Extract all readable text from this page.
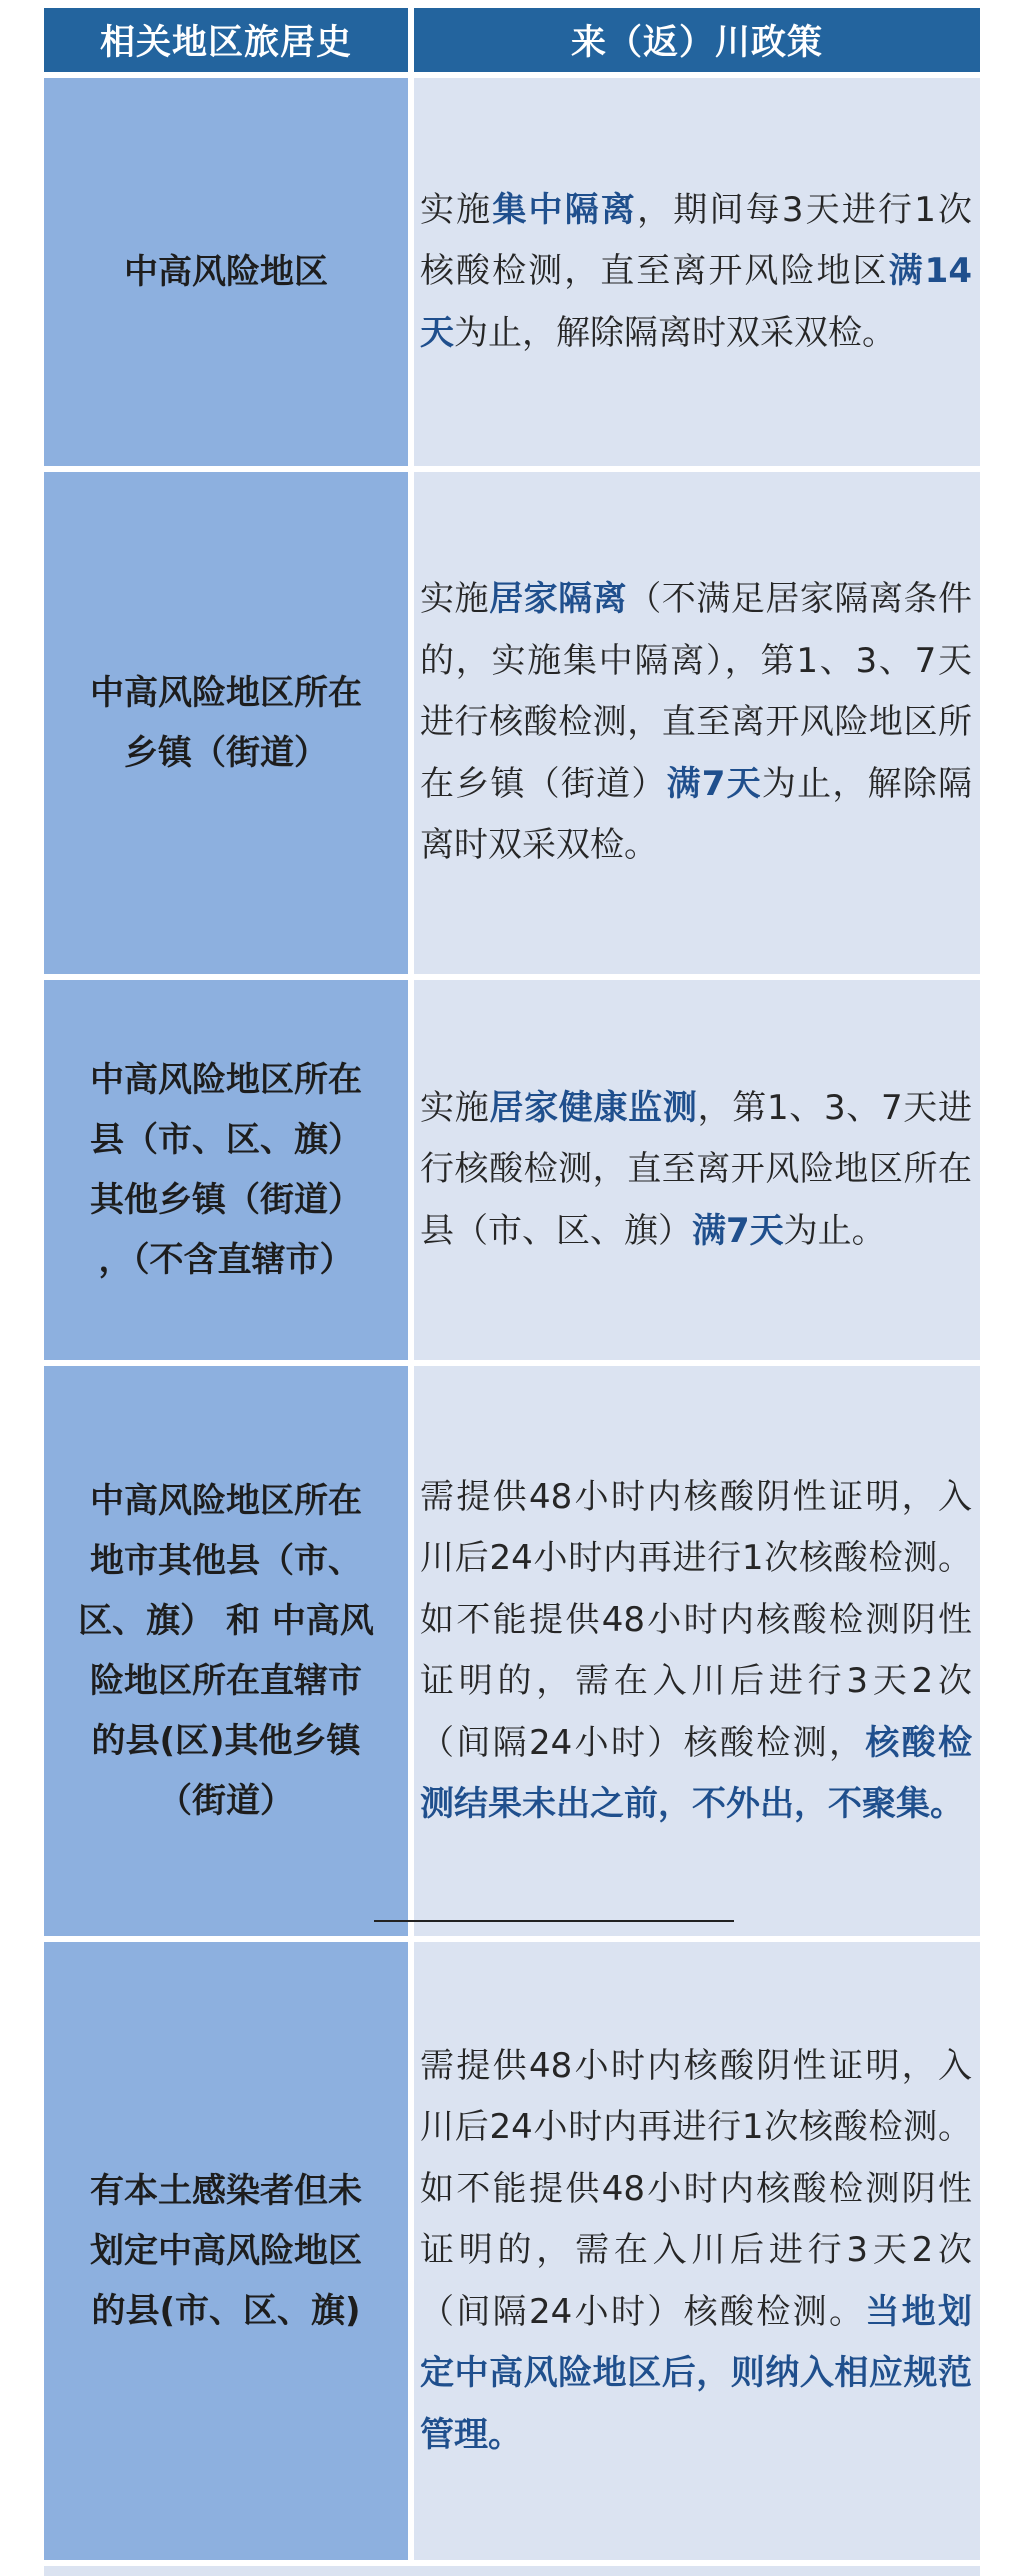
相关地区旅居史	来（返）川政策
中高风险地区
实施集中隔离，期间每3天进行1次核酸检测，直至离开风险地区满14天为止，解除隔离时双采双检。
中高风险地区所在
乡镇（街道）
实施居家隔离（不满足居家隔离条件的，实施集中隔离），第1、3、7天进行核酸检测，直至离开风险地区所在乡镇（街道）满7天为止，解除隔离时双采双检。
中高风险地区所在
县（市、区、旗）
其他乡镇（街道）
，（不含直辖市）
实施居家健康监测，第1、3、7天进行核酸检测，直至离开风险地区所在县（市、区、旗）满7天为止。
中高风险地区所在
地市其他县（市、
区、旗） 和 中高风
险地区所在直辖市
的县(区)其他乡镇
（街道）
需提供48小时内核酸阴性证明，入川后24小时内再进行1次核酸检测。如不能提供48小时内核酸检测阴性证明的，需在入川后进行3天2次（间隔24小时）核酸检测，核酸检测结果未出之前，不外出，不聚集。
有本土感染者但未
划定中高风险地区
的县(市、区、旗)
需提供48小时内核酸阴性证明，入川后24小时内再进行1次核酸检测。如不能提供48小时内核酸检测阴性证明的，需在入川后进行3天2次（间隔24小时）核酸检测。当地划定中高风险地区后，则纳入相应规范管理。
